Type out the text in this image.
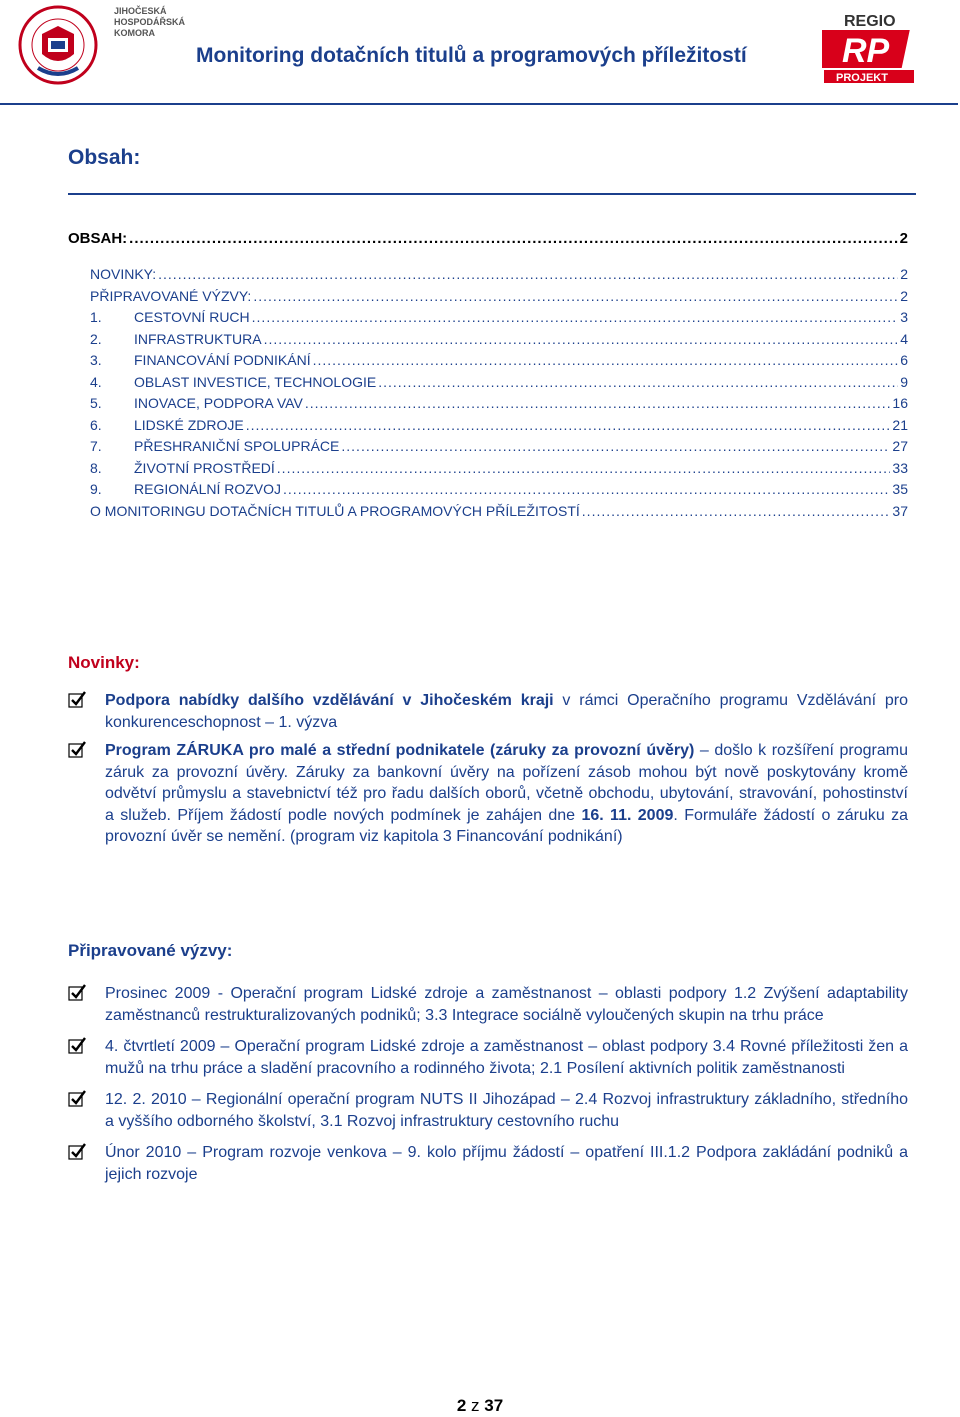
JIHOČESKÁ
HOSPODÁŘSKÁ
KOMORA
Monitoring dotačních titulů a programových příležitostí
REGIO
RP
PROJEKT
Obsah:
OBSAH: .....	2
NOVINKY: .....	2
PŘIPRAVOVANÉ VÝZVY: .....	2
1.	CESTOVNÍ RUCH .....	3
2.	INFRASTRUKTURA .....	4
3.	FINANCOVÁNÍ PODNIKÁNÍ .....	6
4.	OBLAST INVESTICE, TECHNOLOGIE .....	9
5.	INOVACE, PODPORA VAV .....	16
6.	LIDSKÉ ZDROJE .....	21
7.	PŘESHRANIČNÍ SPOLUPRÁCE .....	27
8.	ŽIVOTNÍ PROSTŘEDÍ .....	33
9.	REGIONÁLNÍ ROZVOJ .....	35
O MONITORINGU DOTAČNÍCH TITULŮ A PROGRAMOVÝCH PŘÍLEŽITOSTÍ .....	37
Novinky:
Podpora nabídky dalšího vzdělávání v Jihočeském kraji v rámci Operačního programu Vzdělávání pro konkurenceschopnost – 1. výzva
Program ZÁRUKA pro malé a střední podnikatele (záruky za provozní úvěry) – došlo k rozšíření programu záruk za provozní úvěry. Záruky za bankovní úvěry na pořízení zásob mohou být nově poskytovány kromě odvětví průmyslu a stavebnictví též pro řadu dalších oborů, včetně obchodu, ubytování, stravování, pohostinství a služeb. Příjem žádostí podle nových podmínek je zahájen dne 16. 11. 2009. Formuláře žádostí o záruku za provozní úvěr se nemění. (program viz kapitola 3 Financování podnikání)
Připravované výzvy:
Prosinec 2009 - Operační program Lidské zdroje a zaměstnanost – oblasti podpory 1.2 Zvýšení adaptability zaměstnanců restrukturalizovaných podniků; 3.3 Integrace sociálně vyloučených skupin na trhu práce
4. čtvrtletí 2009 – Operační program Lidské zdroje a zaměstnanost – oblast podpory 3.4 Rovné příležitosti žen a mužů na trhu práce a sladění pracovního a rodinného života; 2.1 Posílení aktivních politik zaměstnanosti
12. 2. 2010 – Regionální operační program NUTS II Jihozápad – 2.4 Rozvoj infrastruktury základního, středního a vyššího odborného školství, 3.1 Rozvoj infrastruktury cestovního ruchu
Únor 2010 – Program rozvoje venkova – 9. kolo příjmu žádostí – opatření III.1.2 Podpora zakládání podniků a jejich rozvoje
2 z 37
